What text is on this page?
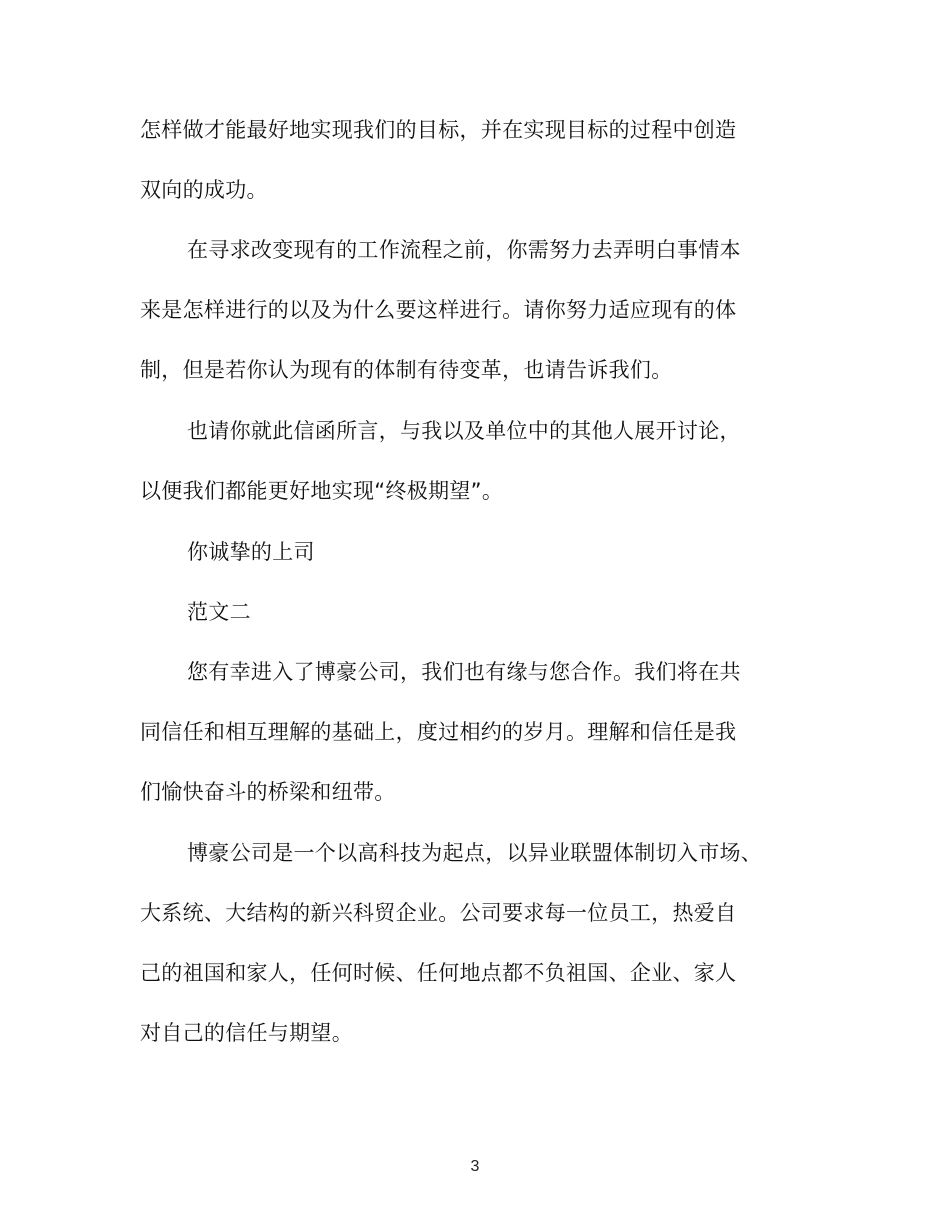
怎样做才能最好地实现我们的目标，并在实现目标的过程中创造
双向的成功。
在寻求改变现有的工作流程之前，你需努力去弄明白事情本
来是怎样进行的以及为什么要这样进行。请你努力适应现有的体
制，但是若你认为现有的体制有待变革，也请告诉我们。
也请你就此信函所言，与我以及单位中的其他人展开讨论，
以便我们都能更好地实现“终极期望”。
你诚挚的上司
范文二
您有幸进入了博豪公司，我们也有缘与您合作。我们将在共
同信任和相互理解的基础上，度过相约的岁月。理解和信任是我
们愉快奋斗的桥梁和纽带。
博豪公司是一个以高科技为起点，以异业联盟体制切入市场、
大系统、大结构的新兴科贸企业。公司要求每一位员工，热爱自
己的祖国和家人，任何时候、任何地点都不负祖国、企业、家人
对自己的信任与期望。
3
